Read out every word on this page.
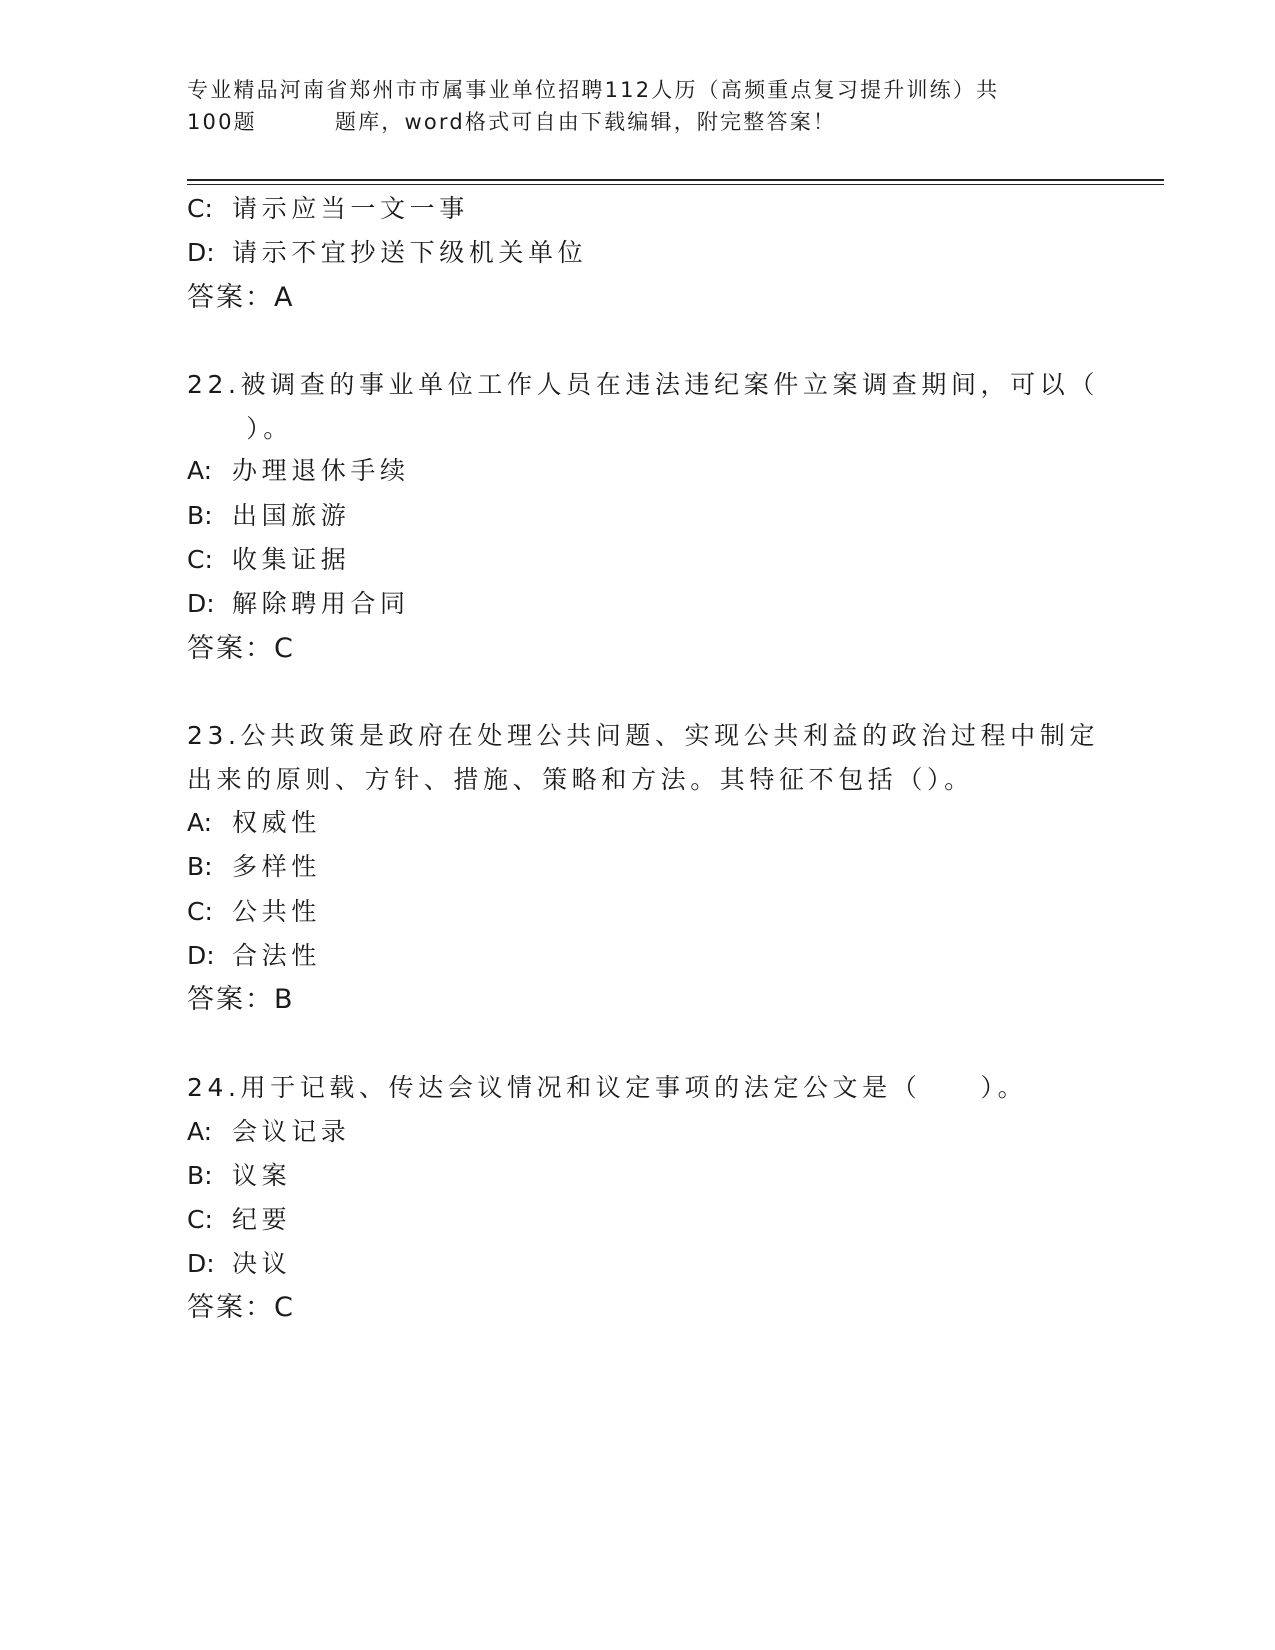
专业精品河南省郑州市市属事业单位招聘112人历（高频重点复习提升训练）共
100题	题库，word格式可自由下载编辑，附完整答案！
C: 请示应当一文一事
D: 请示不宜抄送下级机关单位
答案：A
22.被调查的事业单位工作人员在违法违纪案件立案调查期间，可以（
　　）。
A: 办理退休手续
B: 出国旅游
C: 收集证据
D: 解除聘用合同
答案：C
23.公共政策是政府在处理公共问题、实现公共利益的政治过程中制定
出来的原则、方针、措施、策略和方法。其特征不包括（）。
A: 权威性
B: 多样性
C: 公共性
D: 合法性
答案：B
24.用于记载、传达会议情况和议定事项的法定公文是（　　）。
A: 会议记录
B: 议案
C: 纪要
D: 决议
答案：C
